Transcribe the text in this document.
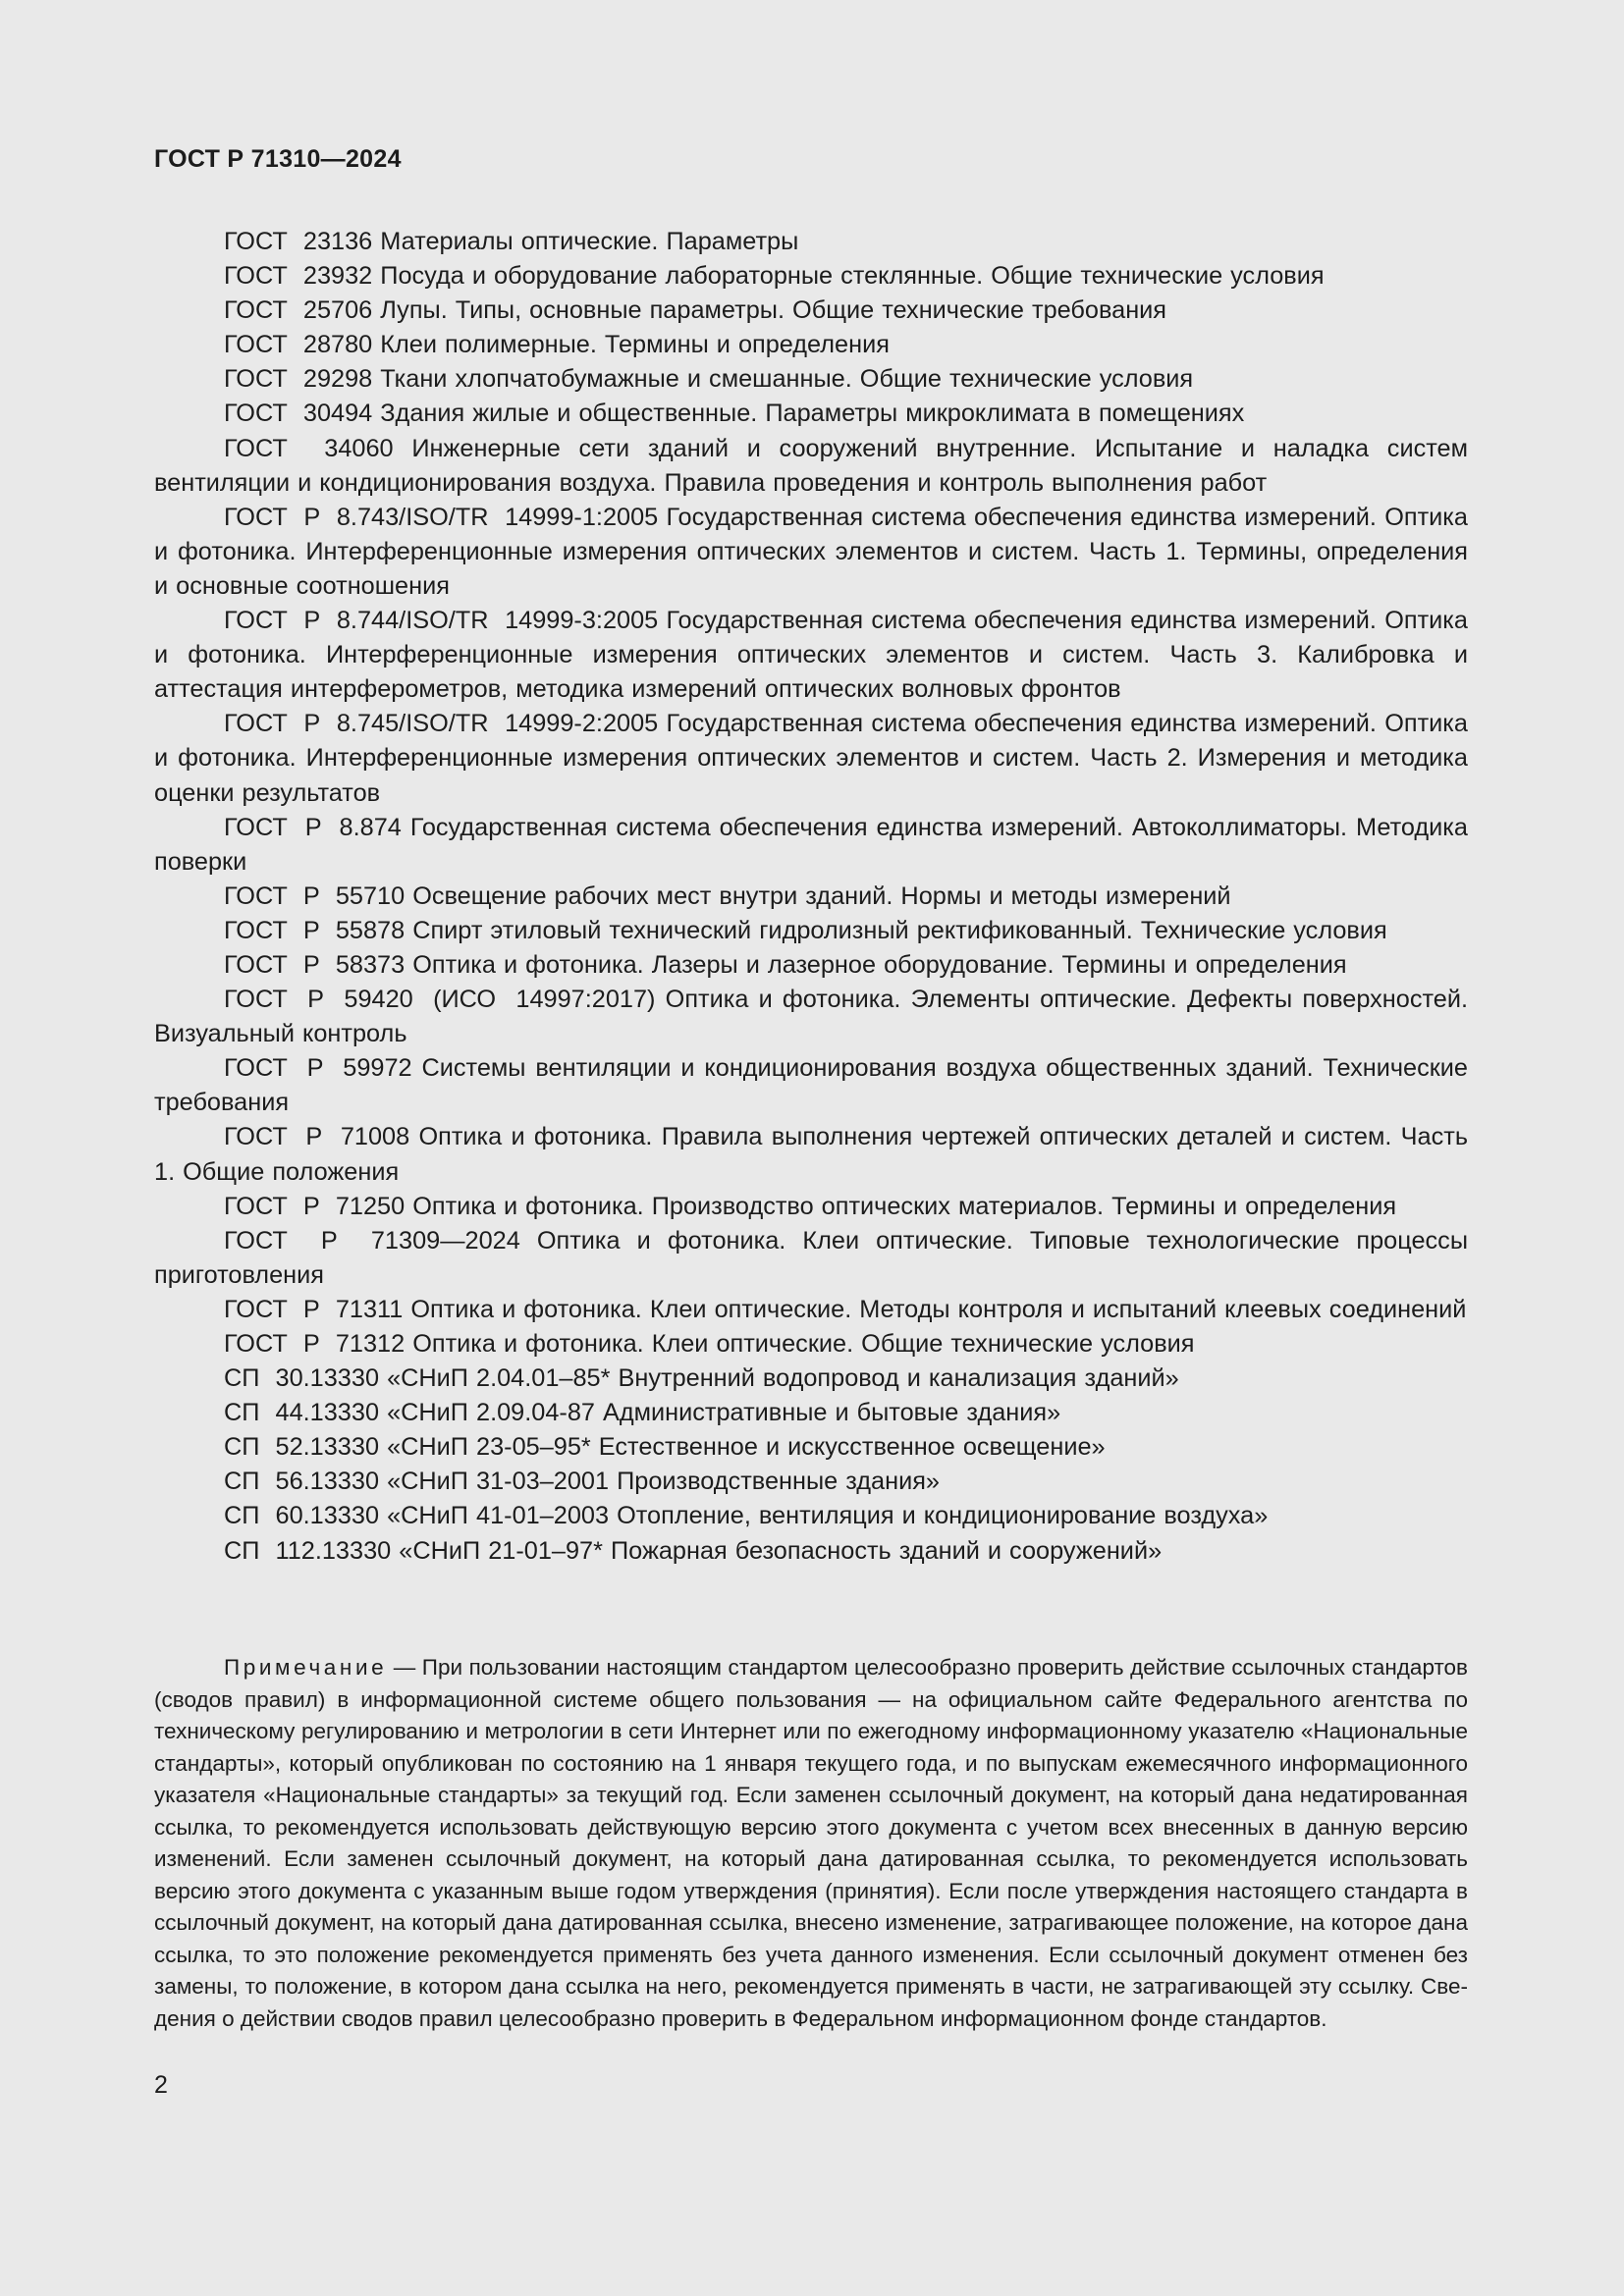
ГОСТ Р 71310—2024

ГОСТ  23136 Материалы оптические. Параметры

ГОСТ  23932 Посуда и оборудование лабораторные стеклянные. Общие технические условия

ГОСТ  25706 Лупы. Типы, основные параметры. Общие технические требования

ГОСТ  28780 Клеи полимерные. Термины и определения

ГОСТ  29298 Ткани хлопчатобумажные и смешанные. Общие технические условия

ГОСТ  30494 Здания жилые и общественные. Параметры микроклимата в помещениях

ГОСТ  34060 Инженерные сети зданий и сооружений внутренние. Испытание и наладка систем вентиляции и кондиционирования воздуха. Правила проведения и контроль выполнения работ

ГОСТ  Р  8.743/ISO/TR  14999-1:2005 Государственная система обеспечения единства измерений. Оптика и фотоника. Интерференционные измерения оптических элементов и систем. Часть 1. Термины, определения и основные соотношения

ГОСТ  Р  8.744/ISO/TR  14999-3:2005 Государственная система обеспечения единства измерений. Оптика и фотоника. Интерференционные измерения оптических элементов и систем. Часть 3. Калибровка и аттестация интерферометров, методика измерений оптических волновых фронтов

ГОСТ  Р  8.745/ISO/TR  14999-2:2005 Государственная система обеспечения единства измерений. Оптика и фотоника. Интерференционные измерения оптических элементов и систем. Часть 2. Измерения и методика оценки результатов

ГОСТ  Р  8.874 Государственная система обеспечения единства измерений. Автоколлиматоры. Методика поверки

ГОСТ  Р  55710 Освещение рабочих мест внутри зданий. Нормы и методы измерений

ГОСТ  Р  55878 Спирт этиловый технический гидролизный ректификованный. Технические условия

ГОСТ  Р  58373 Оптика и фотоника. Лазеры и лазерное оборудование. Термины и определения

ГОСТ  Р  59420  (ИСО  14997:2017) Оптика и фотоника. Элементы оптические. Дефекты поверхностей. Визуальный контроль

ГОСТ  Р  59972 Системы вентиляции и кондиционирования воздуха общественных зданий. Технические требования

ГОСТ  Р  71008 Оптика и фотоника. Правила выполнения чертежей оптических деталей и систем. Часть 1. Общие положения

ГОСТ  Р  71250 Оптика и фотоника. Производство оптических материалов. Термины и определения

ГОСТ  Р  71309—2024 Оптика и фотоника. Клеи оптические. Типовые технологические процессы приготовления

ГОСТ  Р  71311 Оптика и фотоника. Клеи оптические. Методы контроля и испытаний клеевых соединений

ГОСТ  Р  71312 Оптика и фотоника. Клеи оптические. Общие технические условия

СП  30.13330 «СНиП 2.04.01–85* Внутренний водопровод и канализация зданий»

СП  44.13330 «СНиП 2.09.04-87 Административные и бытовые здания»

СП  52.13330 «СНиП 23-05–95* Естественное и искусственное освещение»

СП  56.13330 «СНиП 31-03–2001 Производственные здания»

СП  60.13330 «СНиП 41-01–2003 Отопление, вентиляция и кондиционирование воздуха»

СП  112.13330 «СНиП 21-01–97* Пожарная безопасность зданий и сооружений»

Примечание — При пользовании настоящим стандартом целесообразно проверить действие ссылочных стандартов (сводов правил) в информационной системе общего пользования — на официальном сайте Федерального агентства по техническому регулированию и метрологии в сети Интернет или по ежегодному информационному указателю «Национальные стандарты», который опубликован по состоянию на 1 января текущего года, и по выпускам ежемесячного информационного указателя «Национальные стандарты» за текущий год. Если заменен ссылочный документ, на который дана недатированная ссылка, то рекомендуется использовать действующую версию этого документа с учетом всех внесенных в данную версию изменений. Если заменен ссылочный документ, на который дана датированная ссылка, то рекомендуется использовать версию этого документа с указанным выше годом утверждения (принятия). Если после утверждения настоящего стандарта в ссылочный документ, на который дана датированная ссылка, внесено изменение, затрагивающее положение, на которое дана ссылка, то это положение рекомендуется применять без учета данного изменения. Если ссылочный документ отменен без замены, то положение, в котором дана ссылка на него, рекомендуется применять в части, не затрагивающей эту ссылку. Сведения о действии сводов правил целесообразно проверить в Федеральном информационном фонде стандартов.

2
